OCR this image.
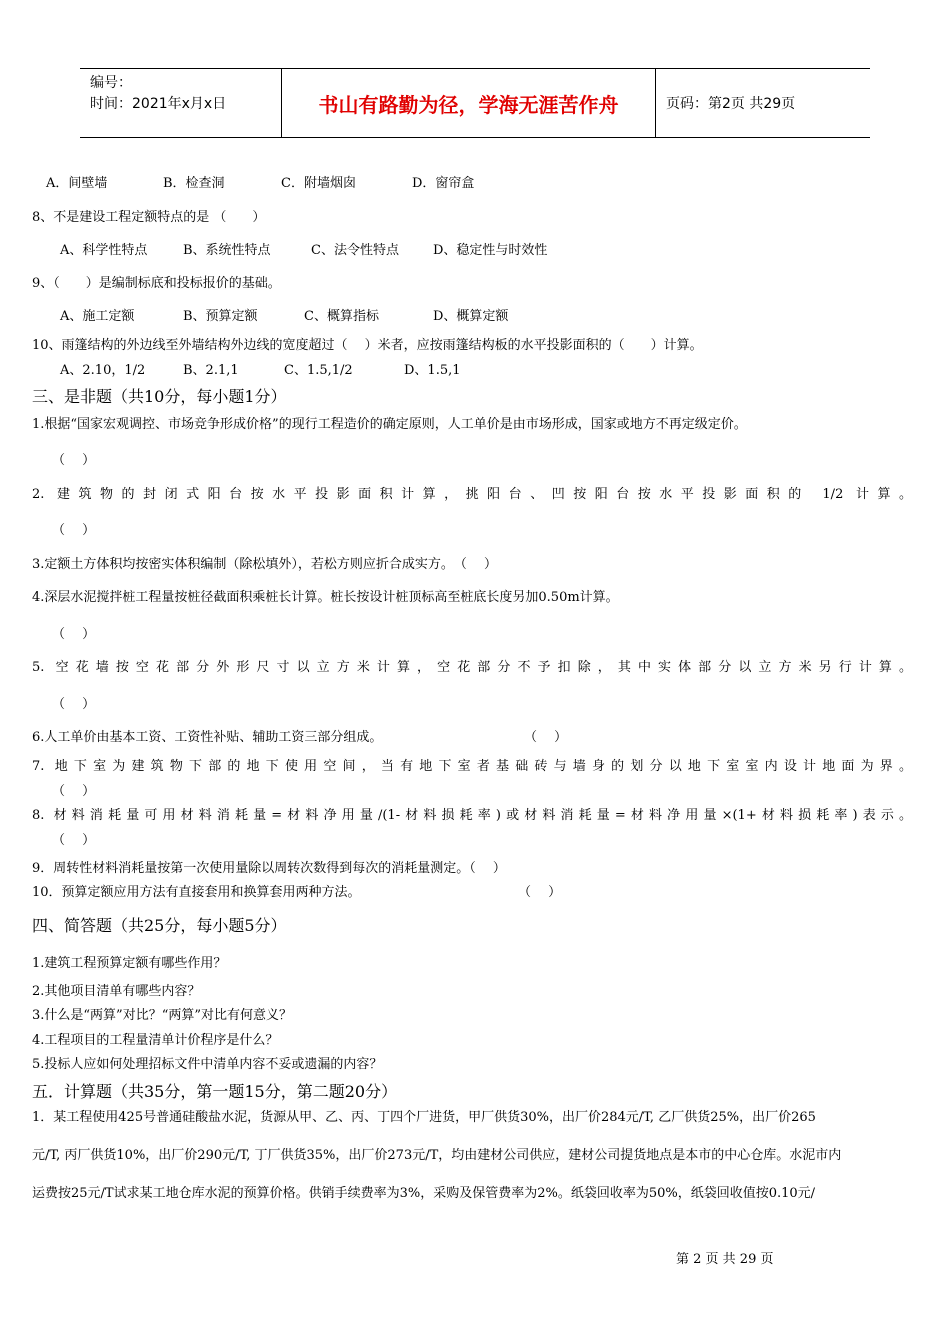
编号：
时间：2021年x月x日	书山有路勤为径，学海无涯苦作舟	页码：第2页 共29页
A．间壁墙	B．检查洞	C．附墙烟囱	D．窗帘盒
8、不是建设工程定额特点的是 （　　）
A、科学性特点	B、系统性特点	C、法令性特点	D、稳定性与时效性
9、（　　）是编制标底和投标报价的基础。
A、施工定额	B、预算定额	C、概算指标	D、概算定额
10、雨篷结构的外边线至外墙结构外边线的宽度超过（　 ）米者，应按雨篷结构板的水平投影面积的（　　）计算。
A、2.10，1/2	B、2.1,1	C、1.5,1/2	D、1.5,1
三、是非题（共10分，每小题1分）
1.根据“国家宏观调控、市场竞争形成价格”的现行工程造价的确定原则，人工单价是由市场形成，国家或地方不再定级定价。
（　 ）
2. 建筑物的封闭式阳台按水平投影面积计算，挑阳台、凹按阳台按水平投影面积的 1/2 计算。
（　 ）
3.定额土方体积均按密实体积编制（除松填外），若松方则应折合成实方。　（　 ）
4.深层水泥搅拌桩工程量按桩径截面积乘桩长计算。桩长按设计桩顶标高至桩底长度另加0.50m计算。
（　 ）
5. 空花墙按空花部分外形尺寸以立方米计算，空花部分不予扣除，其中实体部分以立方米另行计算。
（　 ）
6.人工单价由基本工资、工资性补贴、辅助工资三部分组成。	（　 ）
7. 地下室为建筑物下部的地下使用空间，当有地下室者基础砖与墙身的划分以地下室室内设计地面为界。
（　 ）
8. 材料消耗量可用材料消耗量=材料净用量/(1-材料损耗率)或材料消耗量=材料净用量×(1+材料损耗率)表示。
（　 ）
9．周转性材料消耗量按第一次使用量除以周转次数得到每次的消耗量测定。（　 ）
10．预算定额应用方法有直接套用和换算套用两种方法。	（　 ）
四、简答题（共25分，每小题5分）
1.建筑工程预算定额有哪些作用？
2.其他项目清单有哪些内容？
3.什么是“两算”对比？“两算”对比有何意义？
4.工程项目的工程量清单计价程序是什么？
5.投标人应如何处理招标文件中清单内容不妥或遗漏的内容？
五．计算题（共35分，第一题15分，第二题20分）
1．某工程使用425号普通硅酸盐水泥，货源从甲、乙、丙、丁四个厂进货，甲厂供货30%，出厂价284元/T, 乙厂供货25%，出厂价265
元/T, 丙厂供货10%，出厂价290元/T, 丁厂供货35%，出厂价273元/T，均由建材公司供应，建材公司提货地点是本市的中心仓库。水泥市内
运费按25元/T试求某工地仓库水泥的预算价格。供销手续费率为3%，采购及保管费率为2%。纸袋回收率为50%，纸袋回收值按0.10元/
第 2 页 共 29 页
